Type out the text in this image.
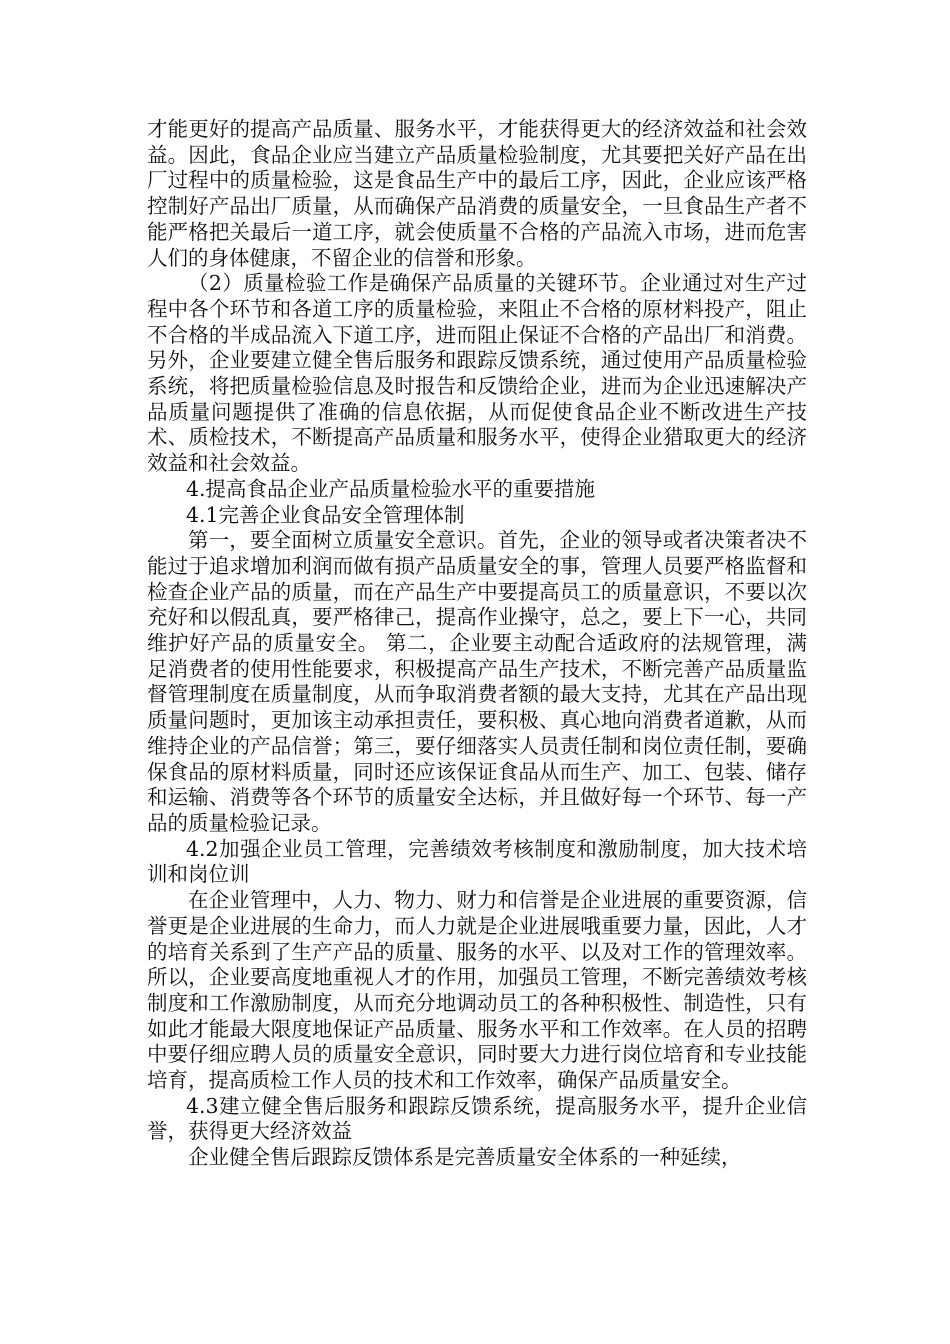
才能更好的提高产品质量、服务水平，才能获得更大的经济效益和社会效益。因此，食品企业应当建立产品质量检验制度，尤其要把关好产品在出厂过程中的质量检验，这是食品生产中的最后工序，因此，企业应该严格控制好产品出厂质量，从而确保产品消费的质量安全，一旦食品生产者不能严格把关最后一道工序，就会使质量不合格的产品流入市场，进而危害人们的身体健康，不留企业的信誉和形象。

（2）质量检验工作是确保产品质量的关键环节。企业通过对生产过程中各个环节和各道工序的质量检验，来阻止不合格的原材料投产，阻止不合格的半成品流入下道工序，进而阻止保证不合格的产品出厂和消费。另外，企业要建立健全售后服务和跟踪反馈系统，通过使用产品质量检验系统，将把质量检验信息及时报告和反馈给企业，进而为企业迅速解决产品质量问题提供了准确的信息依据，从而促使食品企业不断改进生产技术、质检技术，不断提高产品质量和服务水平，使得企业猎取更大的经济效益和社会效益。

4.提高食品企业产品质量检验水平的重要措施

4.1完善企业食品安全管理体制

第一，要全面树立质量安全意识。首先，企业的领导或者决策者决不能过于追求增加利润而做有损产品质量安全的事，管理人员要严格监督和检查企业产品的质量，而在产品生产中要提高员工的质量意识，不要以次充好和以假乱真，要严格律己，提高作业操守，总之，要上下一心，共同维护好产品的质量安全。 第二，企业要主动配合适政府的法规管理，满足消费者的使用性能要求，积极提高产品生产技术，不断完善产品质量监督管理制度在质量制度，从而争取消费者额的最大支持，尤其在产品出现质量问题时，更加该主动承担责任，要积极、真心地向消费者道歉，从而维持企业的产品信誉；第三，要仔细落实人员责任制和岗位责任制，要确保食品的原材料质量，同时还应该保证食品从而生产、加工、包装、储存和运输、消费等各个环节的质量安全达标，并且做好每一个环节、每一产品的质量检验记录。

4.2加强企业员工管理，完善绩效考核制度和激励制度，加大技术培训和岗位训

在企业管理中，人力、物力、财力和信誉是企业进展的重要资源，信誉更是企业进展的生命力，而人力就是企业进展哦重要力量，因此，人才的培育关系到了生产产品的质量、服务的水平、以及对工作的管理效率。所以，企业要高度地重视人才的作用，加强员工管理，不断完善绩效考核制度和工作激励制度，从而充分地调动员工的各种积极性、制造性，只有如此才能最大限度地保证产品质量、服务水平和工作效率。在人员的招聘中要仔细应聘人员的质量安全意识，同时要大力进行岗位培育和专业技能培育，提高质检工作人员的技术和工作效率，确保产品质量安全。

4.3建立健全售后服务和跟踪反馈系统，提高服务水平，提升企业信誉，获得更大经济效益

企业健全售后跟踪反馈体系是完善质量安全体系的一种延续，
